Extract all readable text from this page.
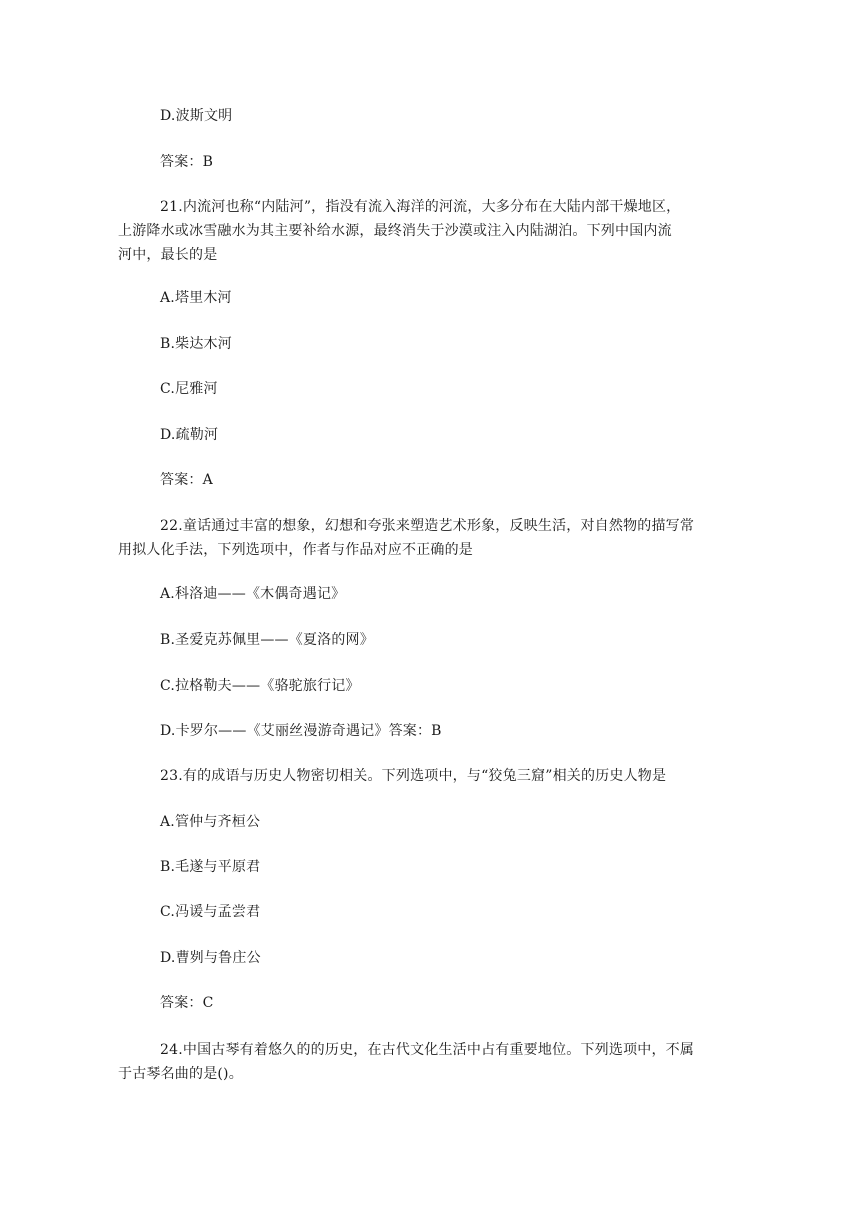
D.波斯文明
答案：B
21.内流河也称“内陆河”，指没有流入海洋的河流，大多分布在大陆内部干燥地区，
上游降水或冰雪融水为其主要补给水源，最终消失于沙漠或注入内陆湖泊。下列中国内流
河中，最长的是
A.塔里木河
B.柴达木河
C.尼雅河
D.疏勒河
答案：A
22.童话通过丰富的想象，幻想和夸张来塑造艺术形象，反映生活，对自然物的描写常
用拟人化手法，下列选项中，作者与作品对应不正确的是
A.科洛迪——《木偶奇遇记》
B.圣爱克苏佩里——《夏洛的网》
C.拉格勒夫——《骆驼旅行记》
D.卡罗尔——《艾丽丝漫游奇遇记》答案：B
23.有的成语与历史人物密切相关。下列选项中，与“狡兔三窟”相关的历史人物是
A.管仲与齐桓公
B.毛遂与平原君
C.冯谖与孟尝君
D.曹刿与鲁庄公
答案：C
24.中国古琴有着悠久的的历史，在古代文化生活中占有重要地位。下列选项中，不属
于古琴名曲的是()。
